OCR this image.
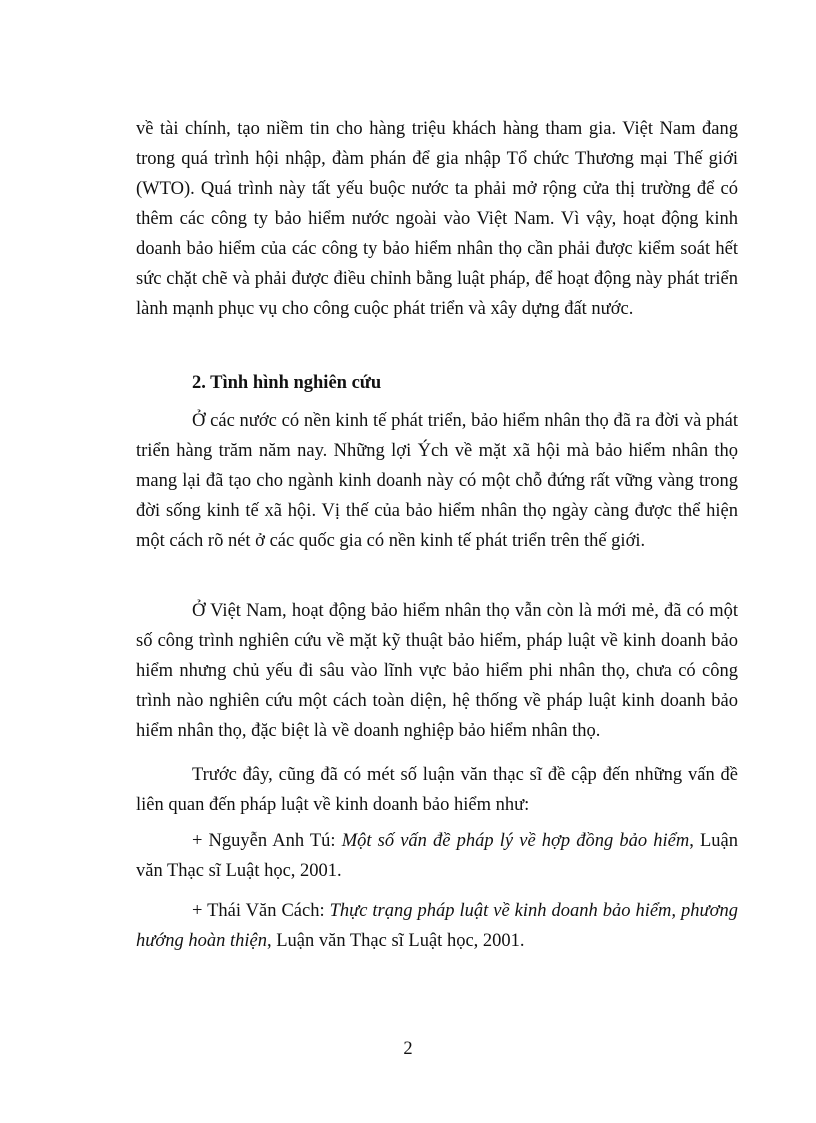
về tài chính, tạo niềm tin cho hàng triệu khách hàng tham gia. Việt Nam đang trong quá trình hội nhập, đàm phán để gia nhập Tổ chức Thương mại Thế giới (WTO). Quá trình này tất yếu buộc nước ta phải mở rộng cửa thị trường để có thêm các công ty bảo hiểm nước ngoài vào Việt Nam. Vì vậy, hoạt động kinh doanh bảo hiểm của các công ty bảo hiểm nhân thọ cần phải được kiểm soát hết sức chặt chẽ và phải được điều chỉnh bằng luật pháp, để hoạt động này phát triển lành mạnh phục vụ cho công cuộc phát triển và xây dựng đất nước.

2. Tình hình nghiên cứu

Ở các nước có nền kinh tế phát triển, bảo hiểm nhân thọ đã ra đời và phát triển hàng trăm năm nay. Những lợi Ých về mặt xã hội mà bảo hiểm nhân thọ mang lại đã tạo cho ngành kinh doanh này có một chỗ đứng rất vững vàng trong đời sống kinh tế xã hội. Vị thế của bảo hiểm nhân thọ ngày càng được thể hiện một cách rõ nét ở các quốc gia có nền kinh tế phát triển trên thế giới.

Ở Việt Nam, hoạt động bảo hiểm nhân thọ vẫn còn là mới mẻ, đã có một số công trình nghiên cứu về mặt kỹ thuật bảo hiểm, pháp luật về kinh doanh bảo hiểm nhưng chủ yếu đi sâu vào lĩnh vực bảo hiểm phi nhân thọ, chưa có công trình nào nghiên cứu một cách toàn diện, hệ thống về pháp luật kinh doanh bảo hiểm nhân thọ, đặc biệt là về doanh nghiệp bảo hiểm nhân thọ.

Trước đây, cũng đã có mét số luận văn thạc sĩ đề cập đến những vấn đề liên quan đến pháp luật về kinh doanh bảo hiểm như:

+ Nguyễn Anh Tú: Một số vấn đề pháp lý về hợp đồng bảo hiểm, Luận văn Thạc sĩ Luật học, 2001.

+ Thái Văn Cách: Thực trạng pháp luật về kinh doanh bảo hiểm, phương hướng hoàn thiện, Luận văn Thạc sĩ Luật học, 2001.

2
